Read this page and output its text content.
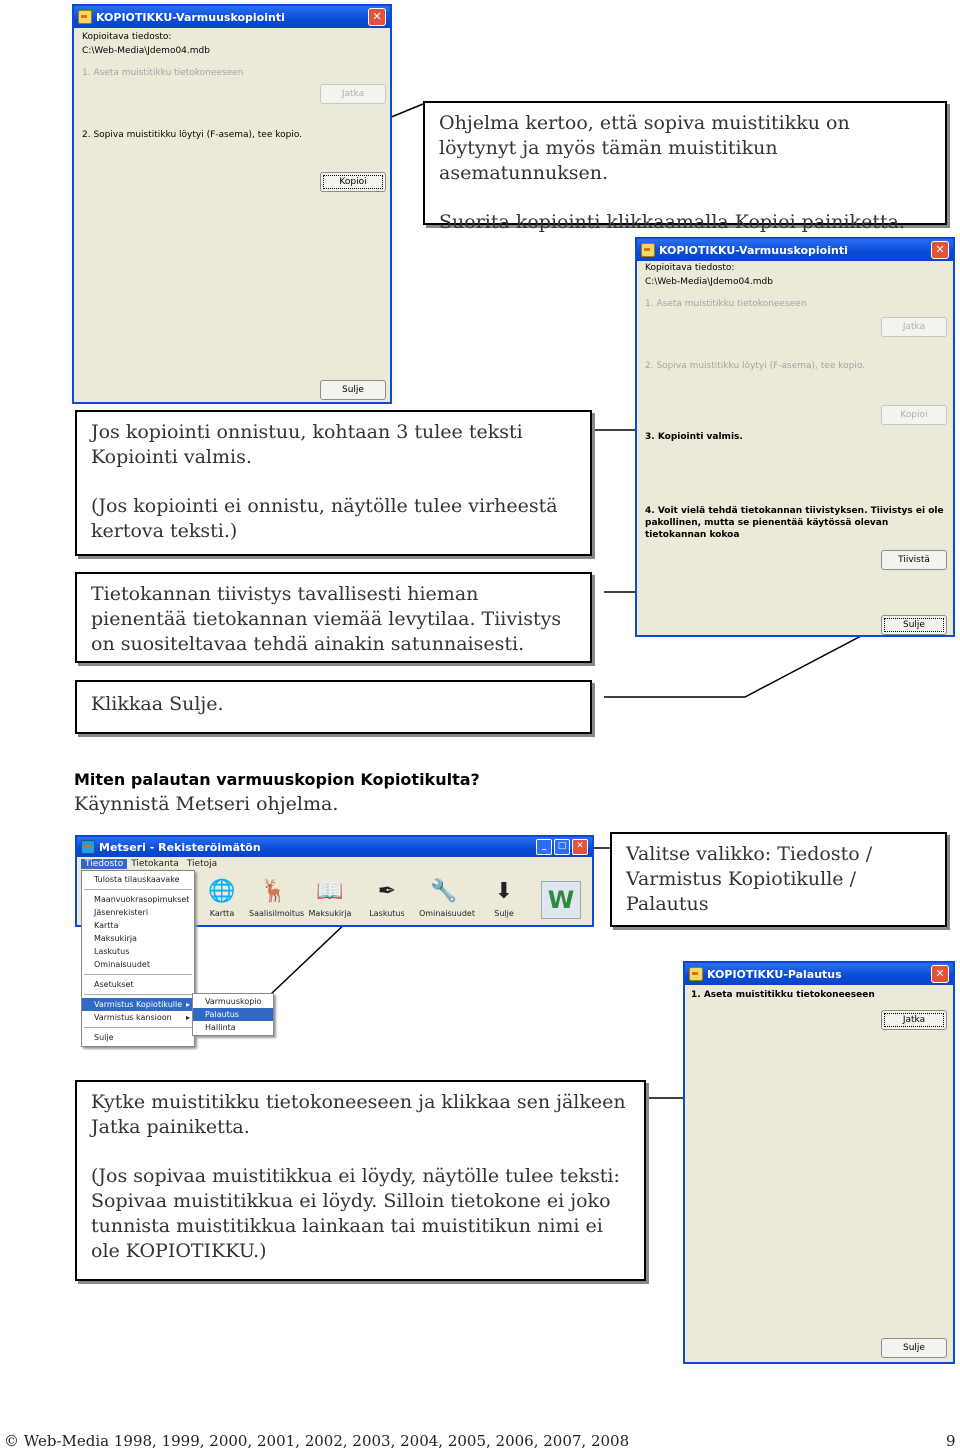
KOPIOTIKKU-Varmuuskopiointi	✕
Kopioitava tiedosto:
C:\Web-Media\Jdemo04.mdb
1. Aseta muistitikku tietokoneeseen
Jatka
2. Sopiva muistitikku löytyi (F-asema), tee kopio.
Kopioi
Sulje

Ohjelma kertoo, että sopiva muistitikku on löytynyt ja myös tämän muistitikun asematunnuksen.

Suorita kopiointi klikkaamalla Kopioi painiketta.

KOPIOTIKKU-Varmuuskopiointi	✕
Kopioitava tiedosto:
C:\Web-Media\Jdemo04.mdb
1. Aseta muistitikku tietokoneeseen
Jatka
2. Sopiva muistitikku löytyi (F-asema), tee kopio.
Kopioi
3. Kopiointi valmis.
4. Voit vielä tehdä tietokannan tiivistyksen. Tiivistys ei ole pakollinen, mutta se pienentää käytössä olevan tietokannan kokoa
Tiivistä
Sulje

Jos kopiointi onnistuu, kohtaan 3 tulee teksti Kopiointi valmis.

(Jos kopiointi ei onnistu, näytölle tulee virheestä kertova teksti.)

Tietokannan tiivistys tavallisesti hieman pienentää tietokannan viemää levytilaa. Tiivistys on suositeltavaa tehdä ainakin satunnaisesti.

Klikkaa Sulje.

Miten palautan varmuuskopion Kopiotikulta?
Käynnistä Metseri ohjelma.
Metseri - Rekisteröimätön	_	□	✕
Tiedosto Tietokanta Tietoja
🌐
Kartta
🦌
Saalisilmoitus
📖
Maksukirja
✒
Laskutus
🔧
Ominaisuudet
⬇
Sulje	W
Tulosta tilauskaavake
Maanvuokrasopimukset
Jäsenrekisteri
Kartta
Maksukirja
Laskutus
Ominaisuudet
Asetukset
Varmistus Kopiotikulle ▸
Varmistus kansioon ▸
Sulje
Varmuuskopio
Palautus
Hallinta

Valitse valikko: Tiedosto / Varmistus Kopiotikulle / Palautus

KOPIOTIKKU-Palautus	✕
1. Aseta muistitikku tietokoneeseen
Jatka
Sulje

Kytke muistitikku tietokoneeseen ja klikkaa sen jälkeen Jatka painiketta.

(Jos sopivaa muistitikkua ei löydy, näytölle tulee teksti: Sopivaa muistitikkua ei löydy. Silloin tietokone ei joko tunnista muistitikkua lainkaan tai muistitikun nimi ei ole KOPIOTIKKU.)

© Web-Media 1998, 1999, 2000, 2001, 2002, 2003, 2004, 2005, 2006, 2007, 2008	9
